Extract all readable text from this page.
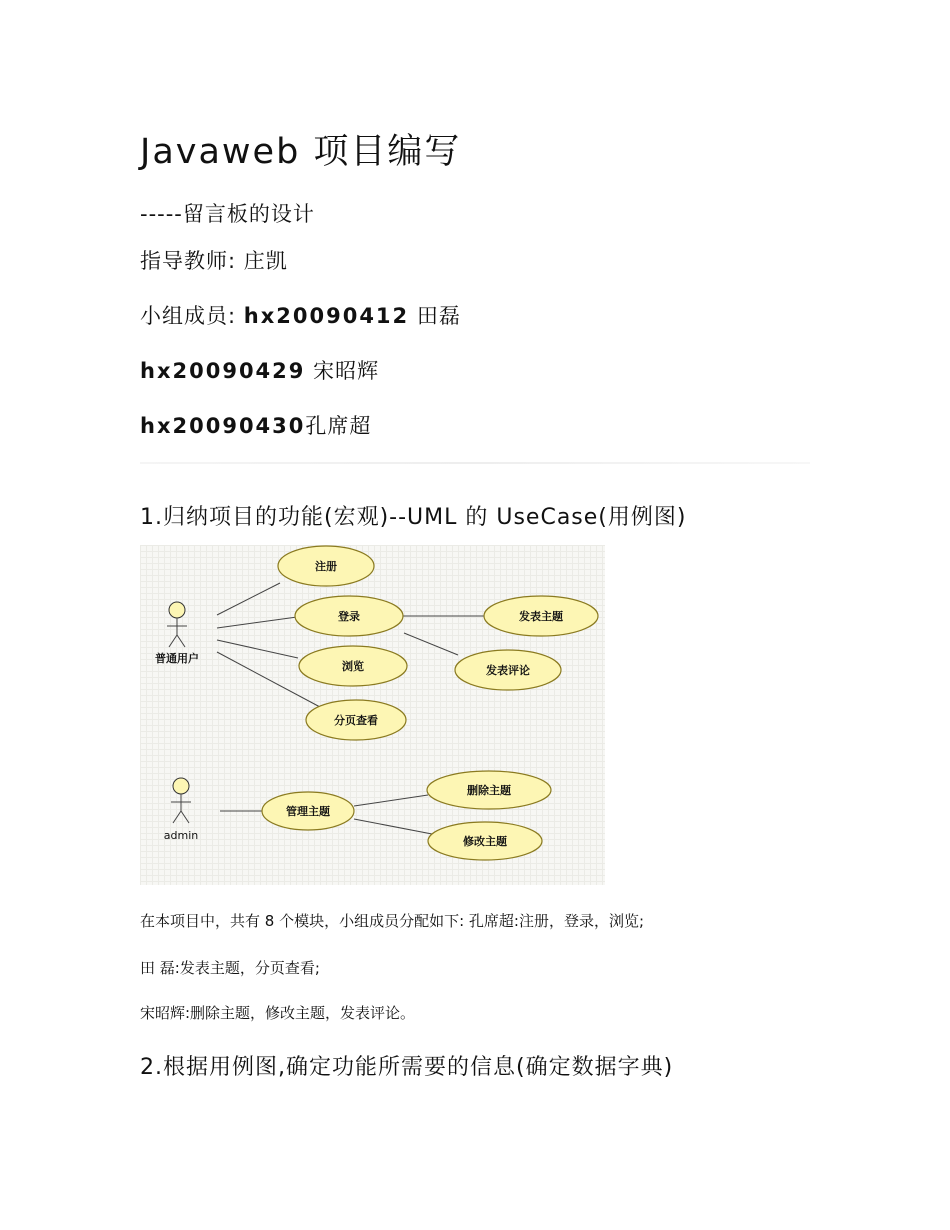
Javaweb 项目编写
-----留言板的设计
指导教师: 庄凯
小组成员: hx20090412 田磊
hx20090429 宋昭辉
hx20090430孔席超
1.归纳项目的功能(宏观)--UML 的 UseCase(用例图)
普通用户
admin
注册
登录
浏览
分页查看
发表主题
发表评论
管理主题
删除主题
修改主题
在本项目中，共有 8 个模块，小组成员分配如下: 孔席超:注册，登录，浏览;
田 磊:发表主题，分页查看;
宋昭辉:删除主题，修改主题，发表评论。
2.根据用例图,确定功能所需要的信息(确定数据字典)
